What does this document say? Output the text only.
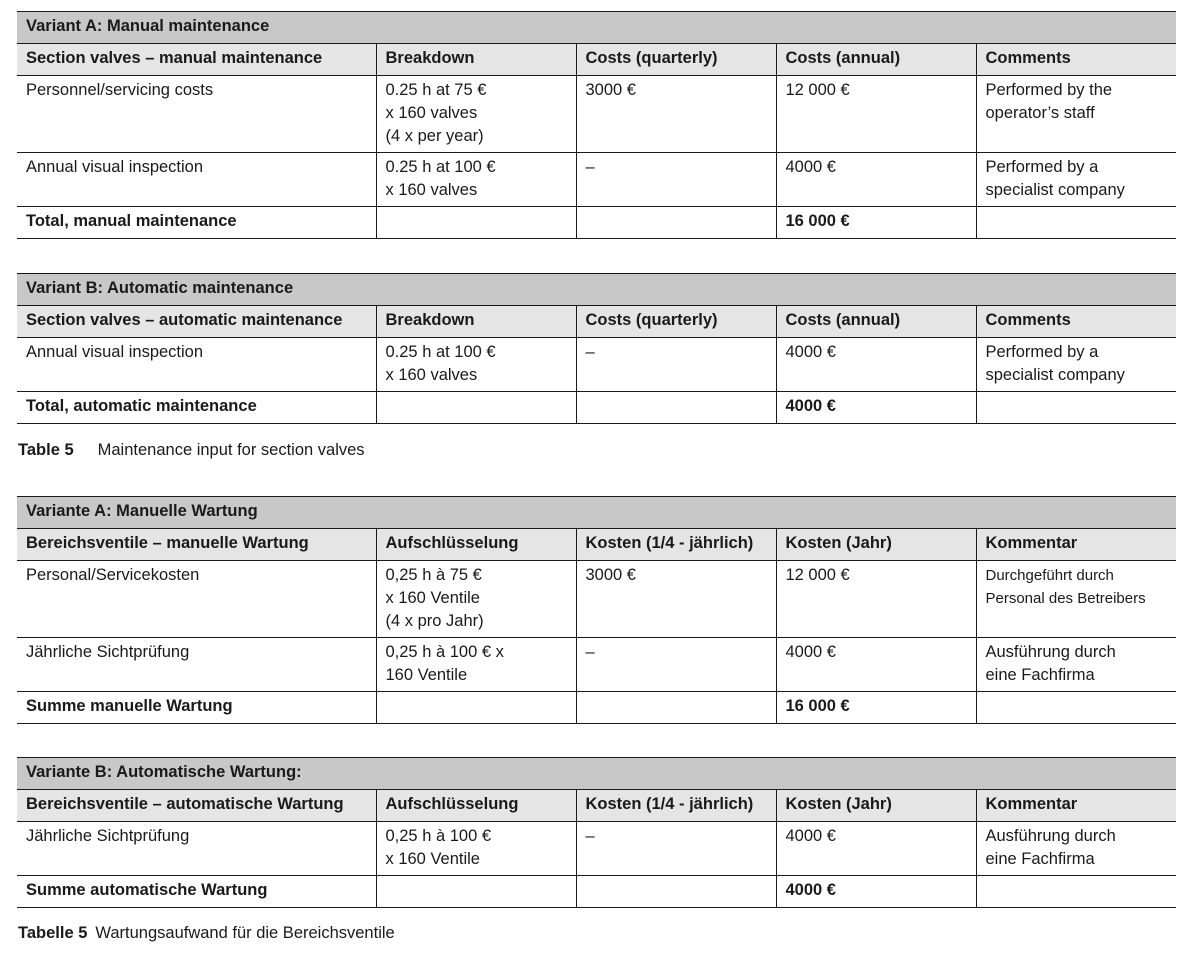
Variant A: Manual maintenance				
Section valves – manual maintenance	Breakdown	Costs (quarterly)	Costs (annual)	Comments
Personnel/servicing costs	0.25 h at 75 €
x 160 valves
(4 x per year)	3000 €	12 000 €	Performed by the
operator’s staff
Annual visual inspection	0.25 h at 100 €
x 160 valves	–	4000 €	Performed by a
specialist company
Total, manual maintenance			16 000 €	
Variant B: Automatic maintenance				
Section valves – automatic maintenance	Breakdown	Costs (quarterly)	Costs (annual)	Comments
Annual visual inspection	0.25 h at 100 €
x 160 valves	–	4000 €	Performed by a
specialist company
Total, automatic maintenance			4000 €	
Table 5 Maintenance input for section valves
Variante A: Manuelle Wartung				
Bereichsventile – manuelle Wartung	Aufschlüsselung	Kosten (1/4 - jährlich)	Kosten (Jahr)	Kommentar
Personal/Servicekosten	0,25 h à 75 €
x 160 Ventile
(4 x pro Jahr)	3000 €	12 000 €	Durchgeführt durch
Personal des Betreibers
Jährliche Sichtprüfung	0,25 h à 100 € x
160 Ventile	–	4000 €	Ausführung durch
eine Fachfirma
Summe manuelle Wartung			16 000 €	
Variante B: Automatische Wartung:				
Bereichsventile – automatische Wartung	Aufschlüsselung	Kosten (1/4 - jährlich)	Kosten (Jahr)	Kommentar
Jährliche Sichtprüfung	0,25 h à 100 €
x 160 Ventile	–	4000 €	Ausführung durch
eine Fachfirma
Summe automatische Wartung			4000 €	
Tabelle 5 Wartungsaufwand für die Bereichsventile
